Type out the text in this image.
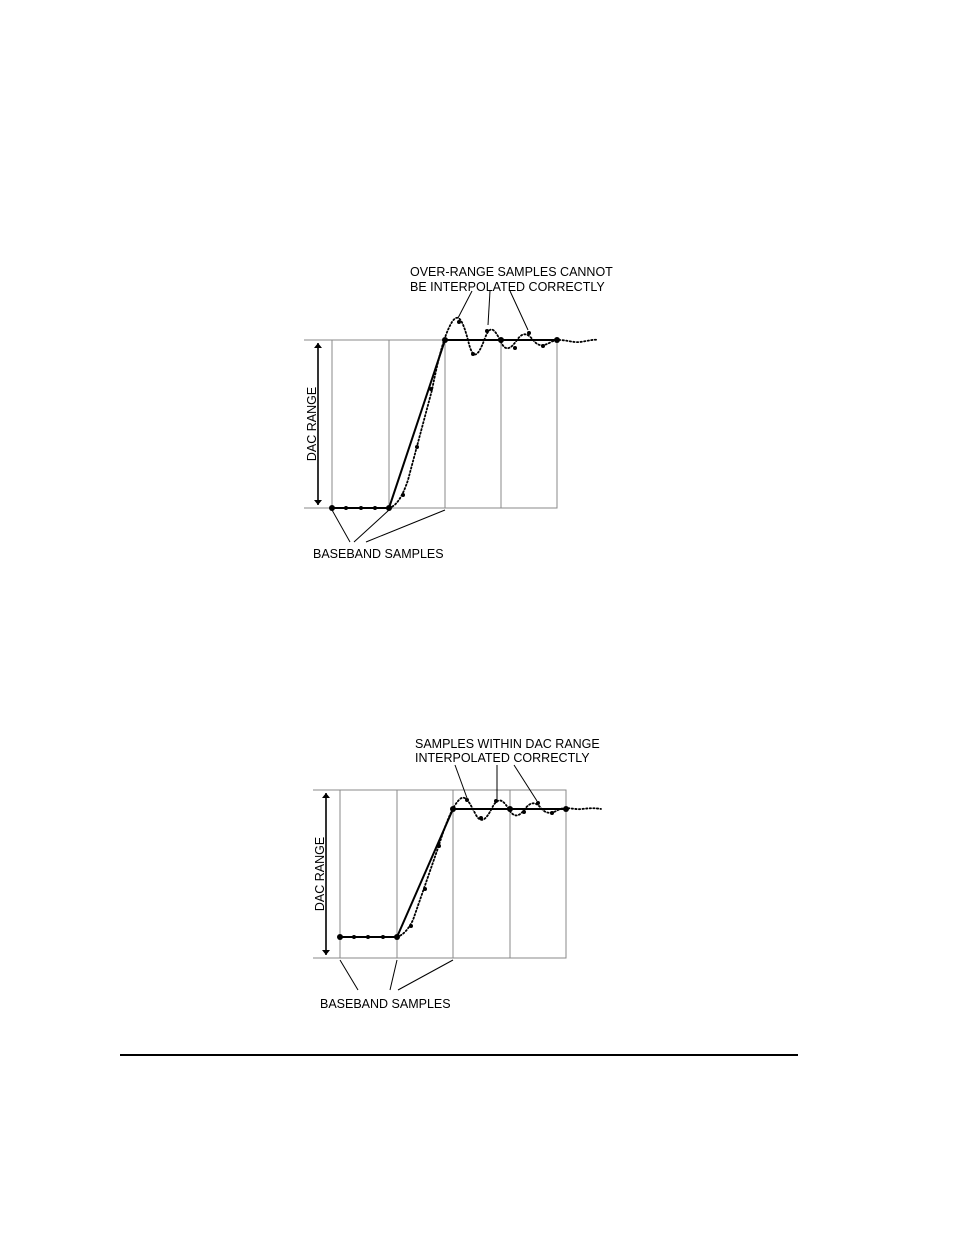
DAC RANGE
OVER-RANGE SAMPLES CANNOT
BE INTERPOLATED CORRECTLY
BASEBAND SAMPLES
DAC RANGE
SAMPLES WITHIN DAC RANGE
INTERPOLATED CORRECTLY
BASEBAND SAMPLES
